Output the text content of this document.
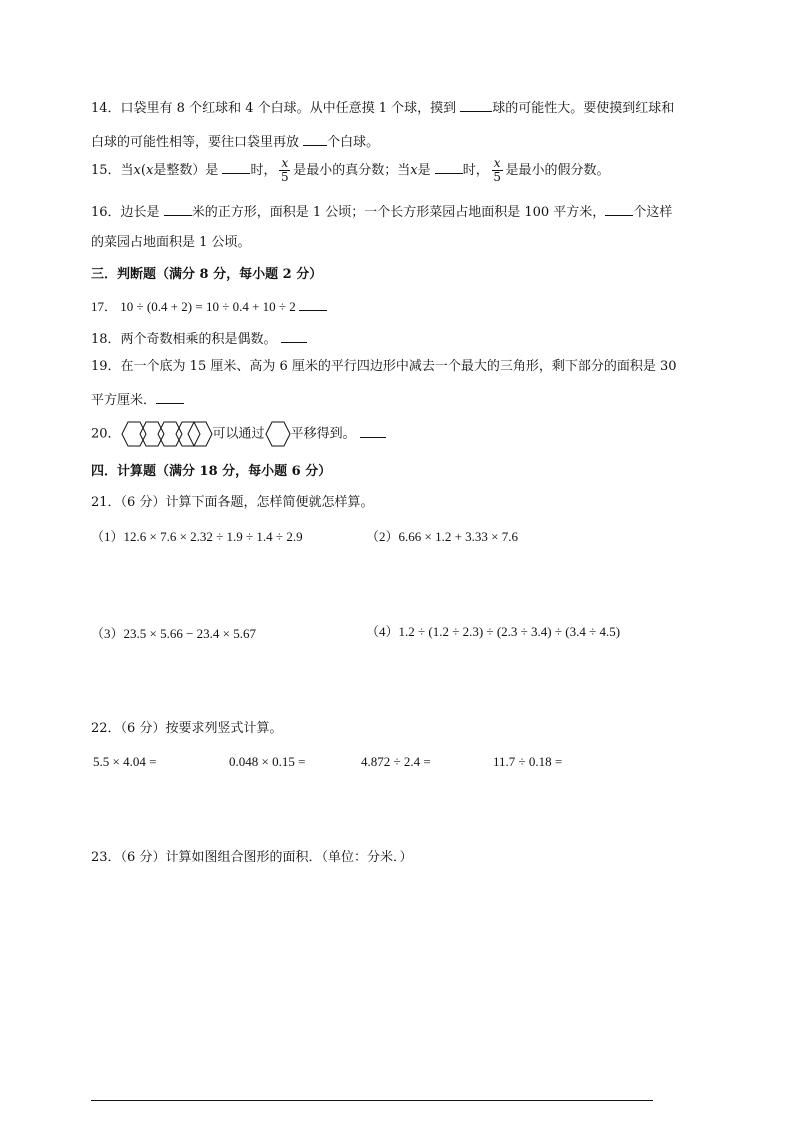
14．口袋里有 8 个红球和 4 个白球。从中任意摸 1 个球，摸到 球的可能性大。要使摸到红球和
白球的可能性相等，要往口袋里再放 个白球。
15．当x(x是整数）是 时， $\frac{x}{5}$ 是最小的真分数；当x是 时， $\frac{x}{5}$ 是最小的假分数。
16．边长是 米的正方形，面积是 1 公顷；一个长方形菜园占地面积是 100 平方米， 个这样
的菜园占地面积是 1 公顷。
三．判断题（满分 8 分，每小题 2 分）
17． 10 ÷ (0.4 + 2) = 10 ÷ 0.4 + 10 ÷ 2
18．两个奇数相乘的积是偶数。
19．在一个底为 15 厘米、高为 6 厘米的平行四边形中减去一个最大的三角形，剩下部分的面积是 30
平方厘米．
20．	可以通过 平移得到。
四．计算题（满分 18 分，每小题 6 分）
21．（6 分）计算下面各题，怎样简便就怎样算。
（1）12.6 × 7.6 × 2.32 ÷ 1.9 ÷ 1.4 ÷ 2.9	（2）6.66 × 1.2 + 3.33 × 7.6
（3）23.5 × 5.66 − 23.4 × 5.67	（4）1.2 ÷ (1.2 ÷ 2.3) ÷ (2.3 ÷ 3.4) ÷ (3.4 ÷ 4.5)
22．（6 分）按要求列竖式计算。
5.5 × 4.04 =	0.048 × 0.15 =	4.872 ÷ 2.4 =	11.7 ÷ 0.18 =
23．（6 分）计算如图组合图形的面积．（单位：分米．）
